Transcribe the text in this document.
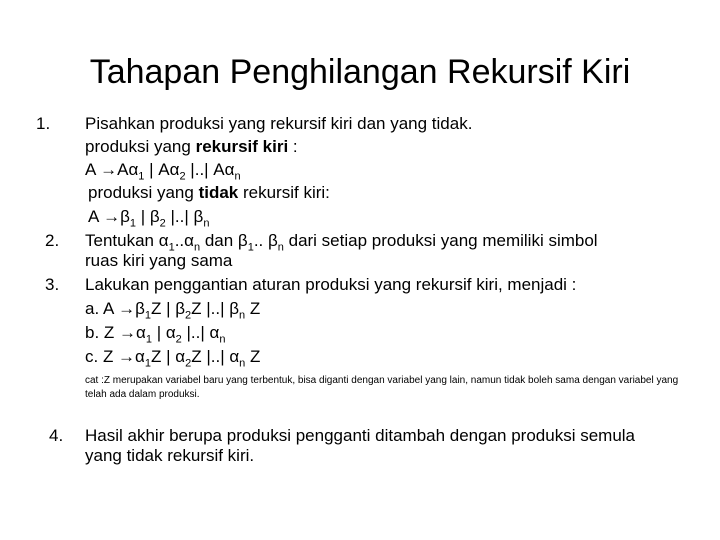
Tahapan Penghilangan Rekursif Kiri
1. Pisahkan produksi yang rekursif kiri dan yang tidak.
produksi yang rekursif kiri :
$A \to A\alpha_1$ | $A\alpha_2$ |..| $A\alpha_n$
produksi yang tidak rekursif kiri:
$A \to\beta_1$ | $\beta_2$ |..| $\beta_n$
2. Tentukan $\alpha_1..\alpha_n$ dan $\beta_1$.. $\beta_n$ dari setiap produksi yang memiliki simbol
ruas kiri yang sama
3. Lakukan penggantian aturan produksi yang rekursif kiri, menjadi :
a. $A \to\beta_1Z$ | $\beta_2Z$ |..| $\beta_n$ Z
b. $Z \to\alpha_1$ | $\alpha_2$ |..| $\alpha_n$
c. $Z \to\alpha_1Z$ | $\alpha_2Z$ |..| $\alpha_n$ Z
cat :Z merupakan variabel baru yang terbentuk, bisa diganti dengan variabel yang lain, namun tidak boleh sama dengan variabel yang telah ada dalam produksi.
4. Hasil akhir berupa produksi pengganti ditambah dengan produksi semula
yang tidak rekursif kiri.
